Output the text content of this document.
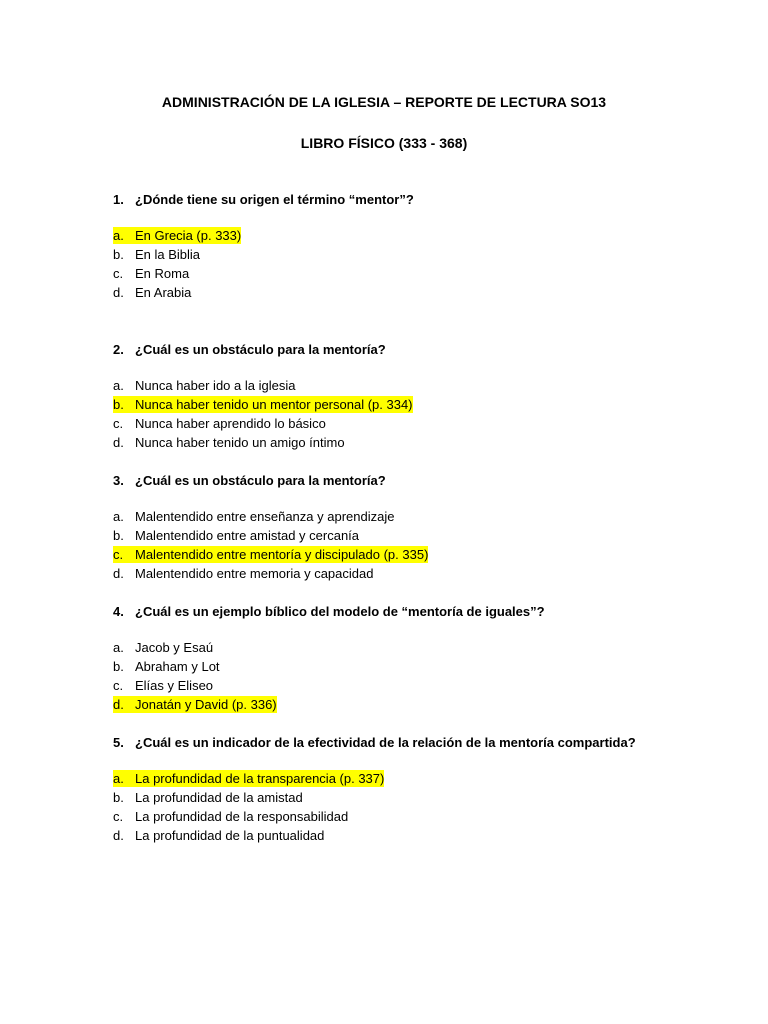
ADMINISTRACIÓN DE LA IGLESIA – REPORTE DE LECTURA SO13
LIBRO FÍSICO (333 - 368)
1. ¿Dónde tiene su origen el término “mentor”?
a. En Grecia (p. 333)
b. En la Biblia
c. En Roma
d. En Arabia
2. ¿Cuál es un obstáculo para la mentoría?
a. Nunca haber ido a la iglesia
b. Nunca haber tenido un mentor personal (p. 334)
c. Nunca haber aprendido lo básico
d. Nunca haber tenido un amigo íntimo
3. ¿Cuál es un obstáculo para la mentoría?
a. Malentendido entre enseñanza y aprendizaje
b. Malentendido entre amistad y cercanía
c. Malentendido entre mentoría y discipulado (p. 335)
d. Malentendido entre memoria y capacidad
4. ¿Cuál es un ejemplo bíblico del modelo de “mentoría de iguales”?
a. Jacob y Esaú
b. Abraham y Lot
c. Elías y Eliseo
d. Jonatán y David (p. 336)
5. ¿Cuál es un indicador de la efectividad de la relación de la mentoría compartida?
a. La profundidad de la transparencia (p. 337)
b. La profundidad de la amistad
c. La profundidad de la responsabilidad
d. La profundidad de la puntualidad
